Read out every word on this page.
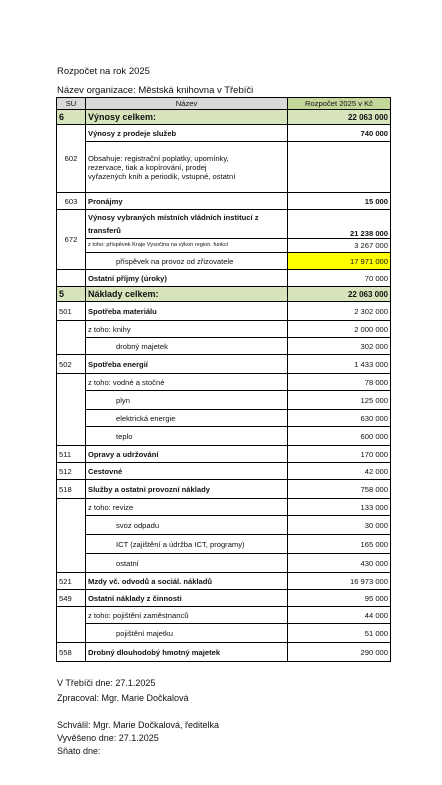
Rozpočet na rok 2025
Název organizace: Městská knihovna v Třebíči
SU	Název	Rozpočet 2025 v Kč
6	Výnosy celkem:	22 063 000
602	Výnosy z prodeje služeb	740 000

	Obsahuje: registrační poplatky, upomínky,
rezervace, tiak a kopírování, prodej
vyřazených knih a periodik, vstupné, ostatní	

603	Pronájmy	15 000
672	Výnosy vybraných místních vládních institucí z transferů	21 238 000
	z toho: příspěvek Kraje Vysočina na výkon region. funkcí	3 267 000
	příspěvek na provoz od zřizovatele	17 971 000
	Ostatní příjmy (úroky)	70 000
5	Náklady celkem:	22 063 000
501	Spotřeba materiálu	2 302 000
	z toho: knihy	2 000 000
	drobný majetek	302 000
502	Spotřeba energií	1 433 000
	z toho: vodné a stočné	78 000
	plyn	125 000
	elektrická energie	630 000
	teplo	600 000
511	Opravy a udržování	170 000
512	Cestovné	42 000
518	Služby a ostatní provozní náklady	758 000
	z toho: revize	133 000
	svoz odpadu	30 000
	ICT (zajištění a údržba ICT, programy)	165 000
	ostatní	430 000
521	Mzdy vč. odvodů a sociál. nákladů	16 973 000
549	Ostatní náklady z činnosti	95 000
	z toho: pojištění zaměstnanců	44 000
	pojištění majetku	51 000
558	Drobný dlouhodobý hmotný majetek	290 000
V Třebíči dne: 27.1.2025
Zpracoval: Mgr. Marie Dočkalová
Schválil: Mgr. Marie Dočkalová, ředitelka
Vyvěšeno dne: 27.1.2025
Sňato dne:
